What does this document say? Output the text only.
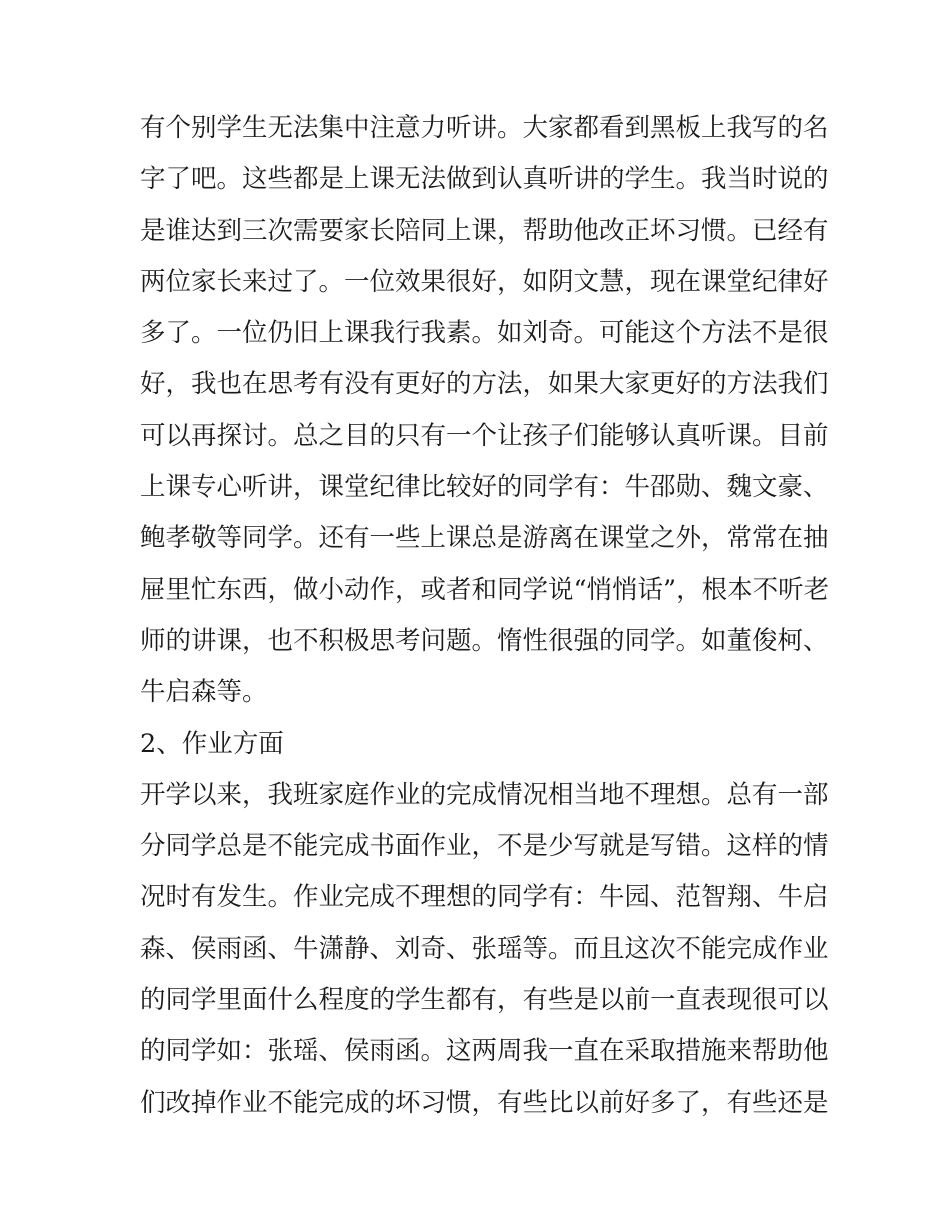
有个别学生无法集中注意力听讲。大家都看到黑板上我写的名
字了吧。这些都是上课无法做到认真听讲的学生。我当时说的
是谁达到三次需要家长陪同上课，帮助他改正坏习惯。已经有
两位家长来过了。一位效果很好，如阴文慧，现在课堂纪律好
多了。一位仍旧上课我行我素。如刘奇。可能这个方法不是很
好，我也在思考有没有更好的方法，如果大家更好的方法我们
可以再探讨。总之目的只有一个让孩子们能够认真听课。目前
上课专心听讲，课堂纪律比较好的同学有：牛邵勋、魏文豪、
鲍孝敬等同学。还有一些上课总是游离在课堂之外，常常在抽
屉里忙东西，做小动作，或者和同学说“悄悄话”，根本不听老
师的讲课，也不积极思考问题。惰性很强的同学。如董俊柯、
牛启森等。
2、作业方面
开学以来，我班家庭作业的完成情况相当地不理想。总有一部
分同学总是不能完成书面作业，不是少写就是写错。这样的情
况时有发生。作业完成不理想的同学有：牛园、范智翔、牛启
森、侯雨函、牛潇静、刘奇、张瑶等。而且这次不能完成作业
的同学里面什么程度的学生都有，有些是以前一直表现很可以
的同学如：张瑶、侯雨函。这两周我一直在采取措施来帮助他
们改掉作业不能完成的坏习惯，有些比以前好多了，有些还是
